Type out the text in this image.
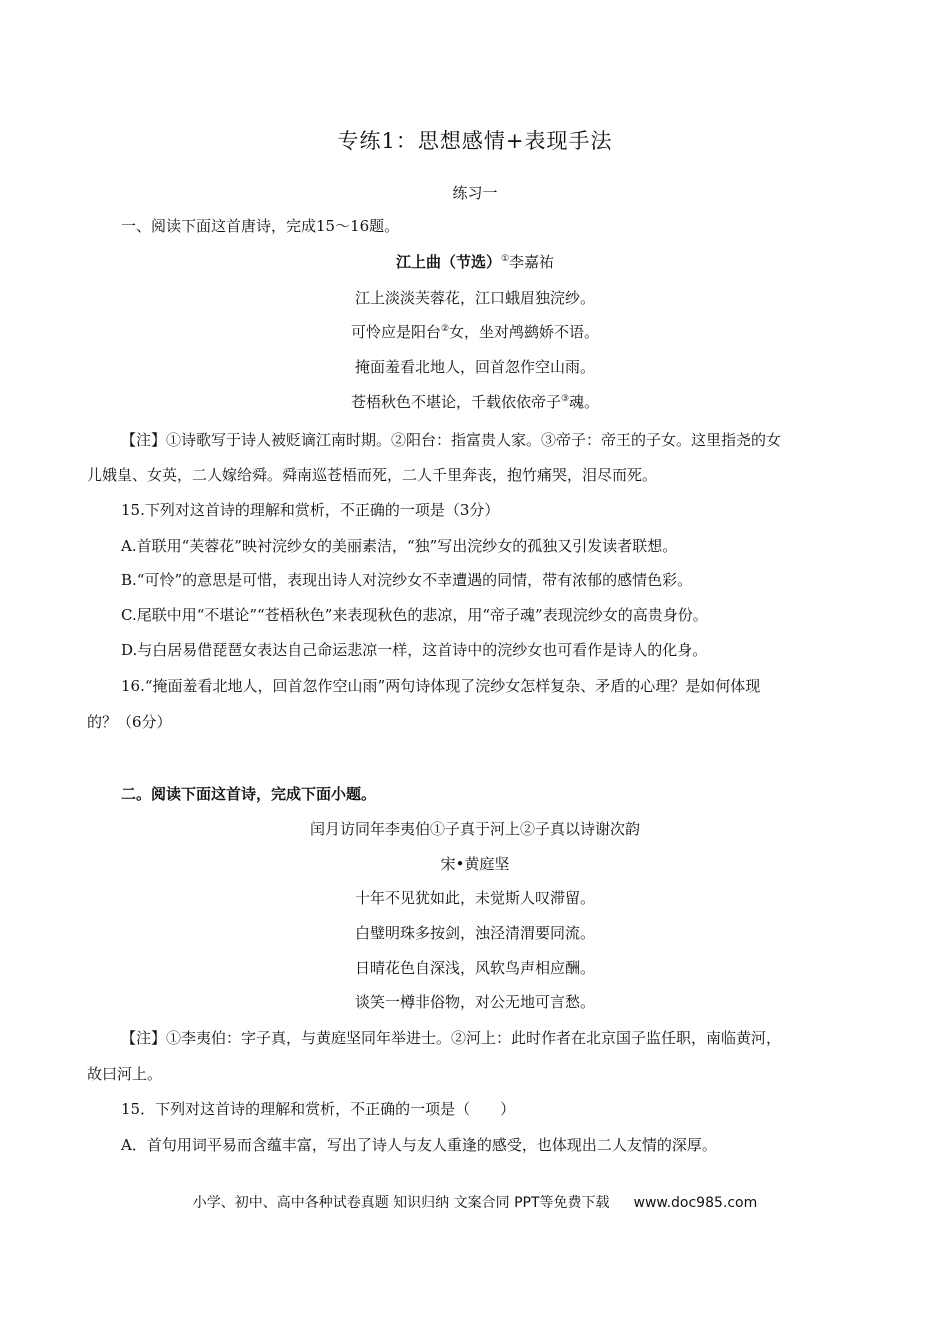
专练1：思想感情+表现手法
练习一
一、阅读下面这首唐诗，完成15～16题。
江上曲（节选）①李嘉祐
江上淡淡芙蓉花，江口蛾眉独浣纱。
可怜应是阳台②女，坐对鸬鹚娇不语。
掩面羞看北地人，回首忽作空山雨。
苍梧秋色不堪论，千载依依帝子③魂。
【注】①诗歌写于诗人被贬谪江南时期。②阳台：指富贵人家。③帝子：帝王的子女。这里指尧的女
儿娥皇、女英，二人嫁给舜。舜南巡苍梧而死，二人千里奔丧，抱竹痛哭，泪尽而死。
15.下列对这首诗的理解和赏析，不正确的一项是（3分）
A.首联用“芙蓉花”映衬浣纱女的美丽素洁，“独”写出浣纱女的孤独又引发读者联想。
B.“可怜”的意思是可惜，表现出诗人对浣纱女不幸遭遇的同情，带有浓郁的感情色彩。
C.尾联中用“不堪论”“苍梧秋色”来表现秋色的悲凉，用“帝子魂”表现浣纱女的高贵身份。
D.与白居易借琵琶女表达自己命运悲凉一样，这首诗中的浣纱女也可看作是诗人的化身。
16.“掩面羞看北地人，回首忽作空山雨”两句诗体现了浣纱女怎样复杂、矛盾的心理？是如何体现
的？（6分）
二。阅读下面这首诗，完成下面小题。
闰月访同年李夷伯①子真于河上②子真以诗谢次韵
宋•黄庭坚
十年不见犹如此，未觉斯人叹滞留。
白璧明珠多按剑，浊泾清渭要同流。
日晴花色自深浅，风软鸟声相应酬。
谈笑一樽非俗物，对公无地可言愁。
【注】①李夷伯：字子真，与黄庭坚同年举进士。②河上：此时作者在北京国子监任职，南临黄河，
故曰河上。
15．下列对这首诗的理解和赏析，不正确的一项是（　　）
A．首句用词平易而含蕴丰富，写出了诗人与友人重逢的感受，也体现出二人友情的深厚。
小学、初中、高中各种试卷真题 知识归纳 文案合同 PPT等免费下载 www.doc985.com
